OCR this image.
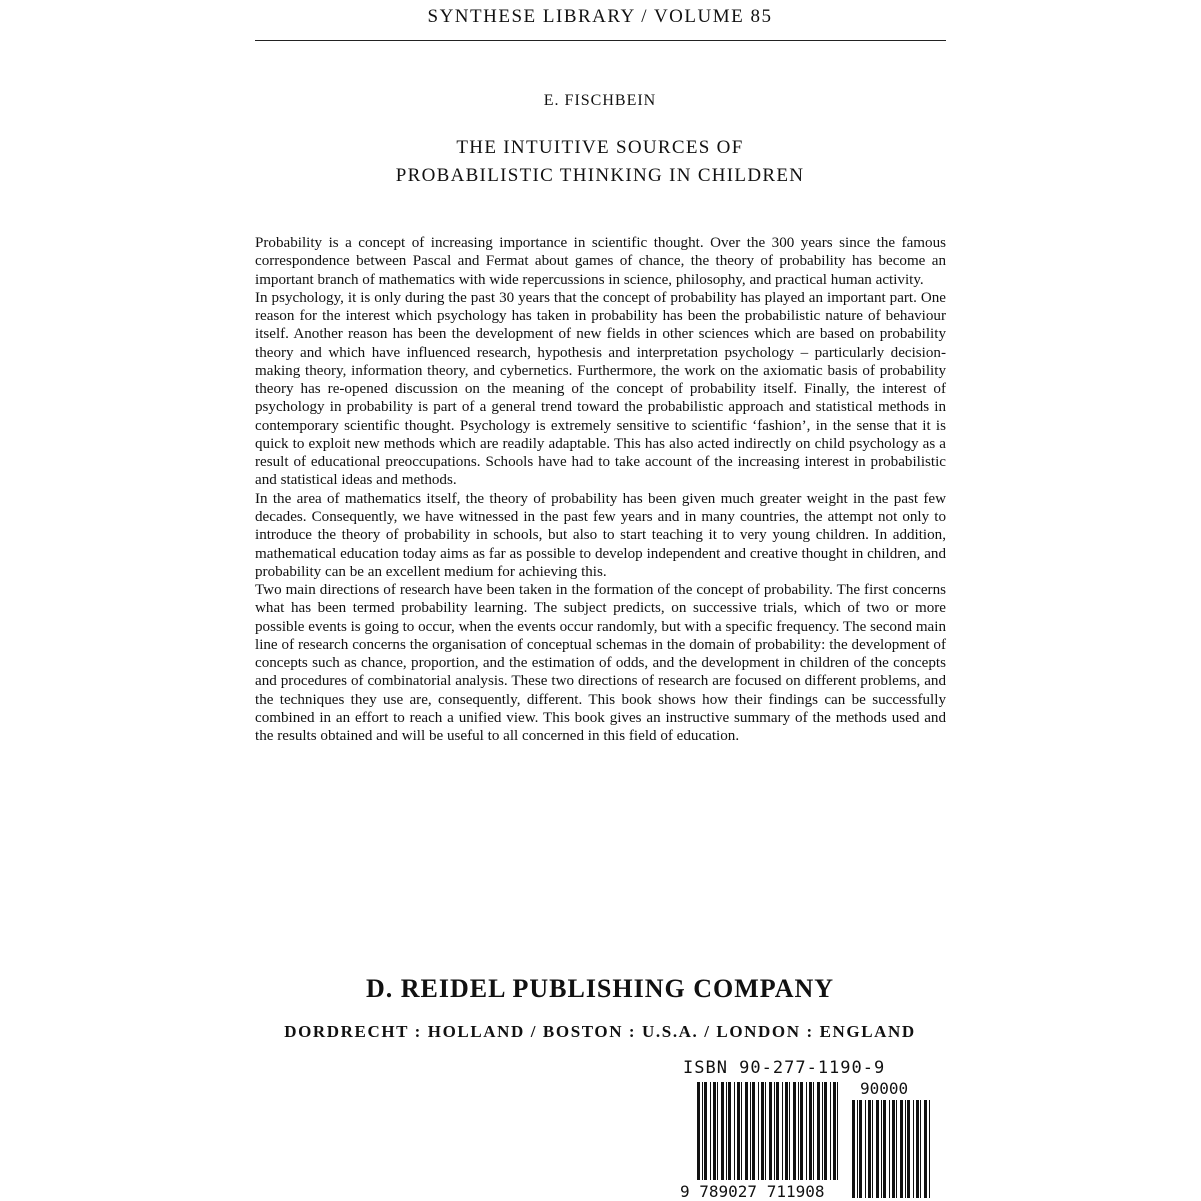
SYNTHESE LIBRARY / VOLUME 85
E. FISCHBEIN
THE INTUITIVE SOURCES OF
PROBABILISTIC THINKING IN CHILDREN

Probability is a concept of increasing importance in scientific thought. Over the 300 years since the famous correspondence between Pascal and Fermat about games of chance, the theory of probability has become an important branch of mathematics with wide repercussions in science, philosophy, and practical human activity.

In psychology, it is only during the past 30 years that the concept of probability has played an important part. One reason for the interest which psychology has taken in probability has been the probabilistic nature of behaviour itself. Another reason has been the development of new fields in other sciences which are based on probability theory and which have influenced research, hypothesis and interpretation psychology – particularly decision-making theory, information theory, and cybernetics. Furthermore, the work on the axiomatic basis of probability theory has re-opened discussion on the meaning of the concept of probability itself. Finally, the interest of psychology in probability is part of a general trend toward the probabilistic approach and statistical methods in contemporary scientific thought. Psychology is extremely sensitive to scientific ‘fashion’, in the sense that it is quick to exploit new methods which are readily adaptable. This has also acted indirectly on child psychology as a result of educational preoccupations. Schools have had to take account of the increasing interest in probabilistic and statistical ideas and methods.

In the area of mathematics itself, the theory of probability has been given much greater weight in the past few decades. Consequently, we have witnessed in the past few years and in many countries, the attempt not only to introduce the theory of probability in schools, but also to start teaching it to very young children. In addition, mathematical education today aims as far as possible to develop independent and creative thought in children, and probability can be an excellent medium for achieving this.

Two main directions of research have been taken in the formation of the concept of probability. The first concerns what has been termed probability learning. The subject predicts, on successive trials, which of two or more possible events is going to occur, when the events occur randomly, but with a specific frequency. The second main line of research concerns the organisation of conceptual schemas in the domain of probability: the development of concepts such as chance, proportion, and the estimation of odds, and the development in children of the concepts and procedures of combinatorial analysis. These two directions of research are focused on different problems, and the techniques they use are, consequently, different. This book shows how their findings can be successfully combined in an effort to reach a unified view. This book gives an instructive summary of the methods used and the results obtained and will be useful to all concerned in this field of education.

D. REIDEL PUBLISHING COMPANY
DORDRECHT : HOLLAND / BOSTON : U.S.A. / LONDON : ENGLAND
ISBN 90-277-1190-9
9 789027 711908
90000
